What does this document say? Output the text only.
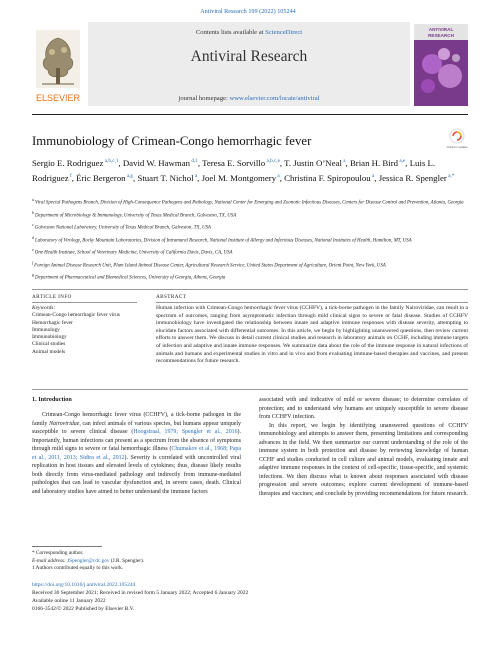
Antiviral Research 199 (2022) 105244
ELSEVIER
Contents lists available at ScienceDirect
Antiviral Research
journal homepage: www.elsevier.com/locate/antiviral
ANTIVIRAL
RESEARCH
Immunobiology of Crimean-Congo hemorrhagic fever	Check for updates
Sergio E. Rodriguez $^{a,b,c,1}$, David W. Hawman $^{d,1}$, Teresa E. Sorvillo $^{a,b,c,e}$, T. Justin O’Neal $^a$, Brian H. Bird $^{a,e}$, Luis L. Rodriguez $^f$, Éric Bergeron $^{a,g}$, Stuart T. Nichol $^a$, Joel M. Montgomery $^a$, Christina F. Spiropoulou $^a$, Jessica R. Spengler $^{a,*}$
$^a$ Viral Special Pathogens Branch, Division of High-Consequence Pathogens and Pathology, National Center for Emerging and Zoonotic Infectious Diseases, Centers for Disease Control and Prevention, Atlanta, Georgia
$^b$ Department of Microbiology & Immunology, University of Texas Medical Branch, Galveston, TX, USA
$^c$ Galveston National Laboratory, University of Texas Medical Branch, Galveston, TX, USA
$^d$ Laboratory of Virology, Rocky Mountain Laboratories, Division of Intramural Research, National Institute of Allergy and Infectious Diseases, National Institutes of Health, Hamilton, MT, USA
$^e$ One Health Institute, School of Veterinary Medicine, University of California Davis, Davis, CA, USA
$^f$ Foreign Animal Disease Research Unit, Plum Island Animal Disease Center, Agricultural Research Service, United States Department of Agriculture, Orient Point, New York, USA
$^g$ Department of Pharmaceutical and Biomedical Sciences, University of Georgia, Athens, Georgia
ARTICLE INFO	ABSTRACT
Keywords:
Crimean-Congo hemorrhagic fever virus
Hemorrhagic fever
Immunology
Immunobiology
Clinical studies
Animal models
Human infection with Crimean-Congo hemorrhagic fever virus (CCHFV), a tick-borne pathogen in the family Nairoviridae, can result in a spectrum of outcomes, ranging from asymptomatic infection through mild clinical signs to severe or fatal disease. Studies of CCHFV immunobiology have investigated the relationship between innate and adaptive immune responses with disease severity, attempting to elucidate factors associated with differential outcomes. In this article, we begin by highlighting unanswered questions, then review current efforts to answer them. We discuss in detail current clinical studies and research in laboratory animals on CCHF, including immune targets of infection and adaptive and innate immune responses. We summarize data about the role of the immune response in natural infections of animals and humans and experimental studies in vitro and in vivo and from evaluating immune-based therapies and vaccines, and present recommendations for future research.
1. Introduction

Crimean-Congo hemorrhagic fever virus (CCHFV), a tick-borne pathogen in the family Nairoviridae, can infect animals of various species, but humans appear uniquely susceptible to severe clinical disease (Hoogstraal, 1979; Spengler et al., 2016). Importantly, human infections can present as a spectrum from the absence of symptoms through mild signs to severe or fatal hemorrhagic illness (Chumakov et al., 1968; Papa et al., 2011, 2013; Sidira et al., 2012). Severity is correlated with uncontrolled viral replication in host tissues and elevated levels of cytokines; thus, disease likely results both directly from virus-mediated pathology and indirectly from immune-mediated pathologies that can lead to vascular dysfunction and, in severe cases, death. Clinical and laboratory studies have aimed to better understand the immune factors

associated with and indicative of mild or severe disease; to determine correlates of protection; and to understand why humans are uniquely susceptible to severe disease from CCHFV infection.

In this report, we begin by identifying unanswered questions of CCHFV immunobiology and attempts to answer them, presenting limitations and corresponding advances in the field. We then summarize our current understanding of the role of the immune system in both protection and disease by reviewing knowledge of human CCHF and studies conducted in cell culture and animal models, evaluating innate and adaptive immune responses in the context of cell-specific, tissue-specific, and systemic infections. We then discuss what is known about responses associated with disease progression and severe outcomes; explore current development of immune-based therapies and vaccines; and conclude by providing recommendations for future research.

* Corresponding author.
E-mail address: JSpengler@cdc.gov (J.R. Spengler).
1 Authors contributed equally to this work.
https://doi.org/10.1016/j.antiviral.2022.105244
Received 30 September 2021; Received in revised form 5 January 2022; Accepted 6 January 2022
Available online 11 January 2022
0166-3542/© 2022 Published by Elsevier B.V.
